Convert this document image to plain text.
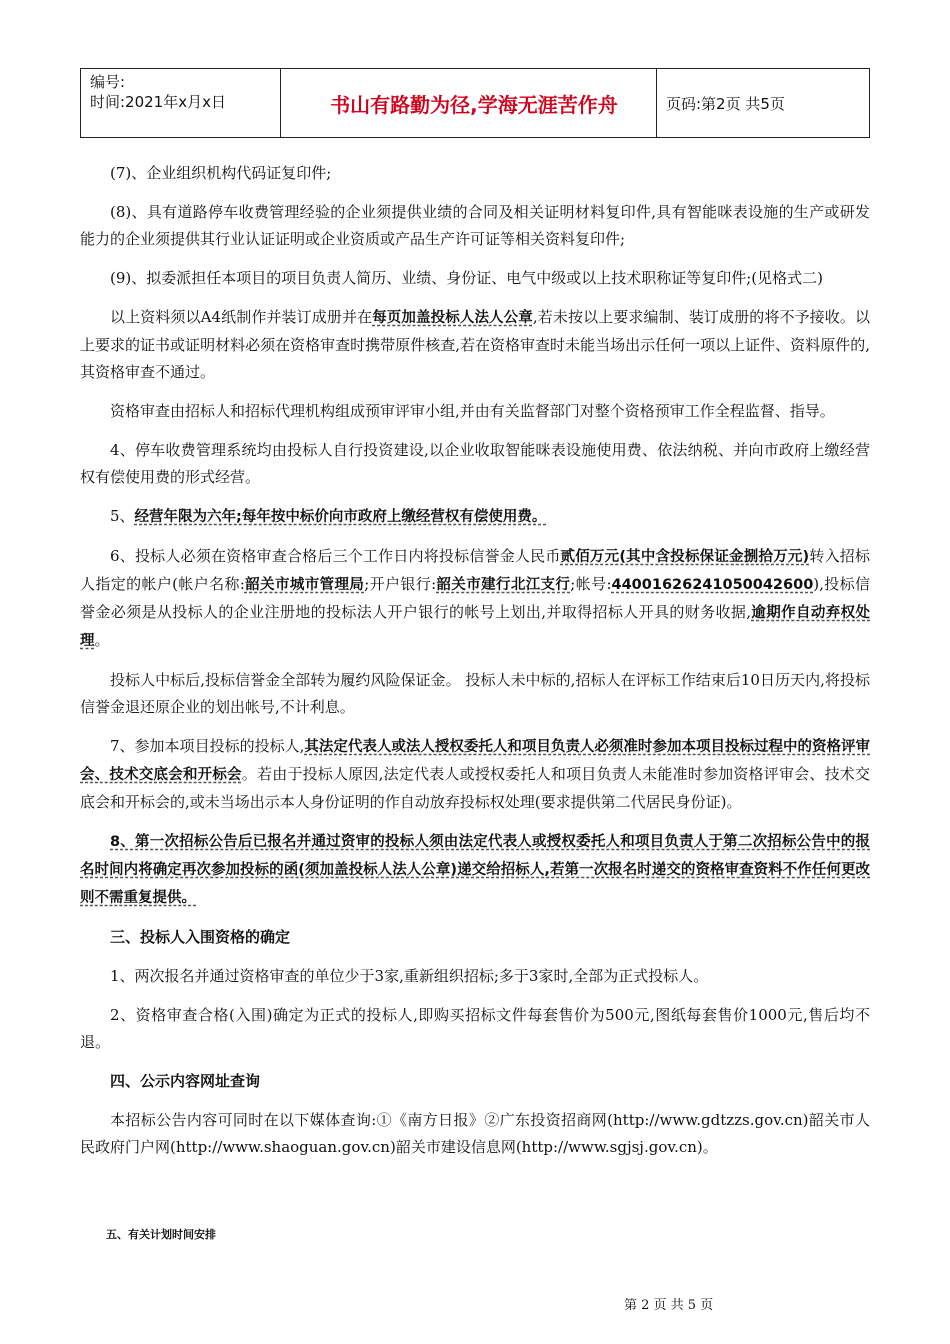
编号:
时间:2021年x月x日	书山有路勤为径,学海无涯苦作舟	页码:第2页 共5页

(7)、企业组织机构代码证复印件;

(8)、具有道路停车收费管理经验的企业须提供业绩的合同及相关证明材料复印件,具有智能咪表设施的生产或研发能力的企业须提供其行业认证证明或企业资质或产品生产许可证等相关资料复印件;

(9)、拟委派担任本项目的项目负责人简历、业绩、身份证、电气中级或以上技术职称证等复印件;(见格式二)

以上资料须以A4纸制作并装订成册并在每页加盖投标人法人公章,若未按以上要求编制、装订成册的将不予接收。以上要求的证书或证明材料必须在资格审查时携带原件核查,若在资格审查时未能当场出示任何一项以上证件、资料原件的,其资格审查不通过。

资格审查由招标人和招标代理机构组成预审评审小组,并由有关监督部门对整个资格预审工作全程监督、指导。

4、停车收费管理系统均由投标人自行投资建设,以企业收取智能咪表设施使用费、依法纳税、并向市政府上缴经营权有偿使用费的形式经营。

5、经营年限为六年;每年按中标价向市政府上缴经营权有偿使用费。

6、投标人必须在资格审查合格后三个工作日内将投标信誉金人民币贰佰万元(其中含投标保证金捌拾万元)转入招标人指定的帐户(帐户名称:韶关市城市管理局;开户银行:韶关市建行北江支行;帐号:44001626241050042600),投标信誉金必须是从投标人的企业注册地的投标法人开户银行的帐号上划出,并取得招标人开具的财务收据,逾期作自动弃权处理。

投标人中标后,投标信誉金全部转为履约风险保证金。 投标人未中标的,招标人在评标工作结束后10日历天内,将投标信誉金退还原企业的划出帐号,不计利息。

7、参加本项目投标的投标人,其法定代表人或法人授权委托人和项目负责人必须准时参加本项目投标过程中的资格评审会、技术交底会和开标会。若由于投标人原因,法定代表人或授权委托人和项目负责人未能准时参加资格评审会、技术交底会和开标会的,或未当场出示本人身份证明的作自动放弃投标权处理(要求提供第二代居民身份证)。

8、第一次招标公告后已报名并通过资审的投标人须由法定代表人或授权委托人和项目负责人于第二次招标公告中的报名时间内将确定再次参加投标的函(须加盖投标人法人公章)递交给招标人,若第一次报名时递交的资格审查资料不作任何更改则不需重复提供。

三、投标人入围资格的确定

1、两次报名并通过资格审查的单位少于3家,重新组织招标;多于3家时,全部为正式投标人。

2、资格审查合格(入围)确定为正式的投标人,即购买招标文件每套售价为500元,图纸每套售价1000元,售后均不退。

四、公示内容网址查询

本招标公告内容可同时在以下媒体查询:①《南方日报》②广东投资招商网(http://www.gdtzzs.gov.cn)韶关市人民政府门户网(http://www.shaoguan.gov.cn)韶关市建设信息网(http://www.sgjsj.gov.cn)。

五、有关计划时间安排
第 2 页 共 5 页
